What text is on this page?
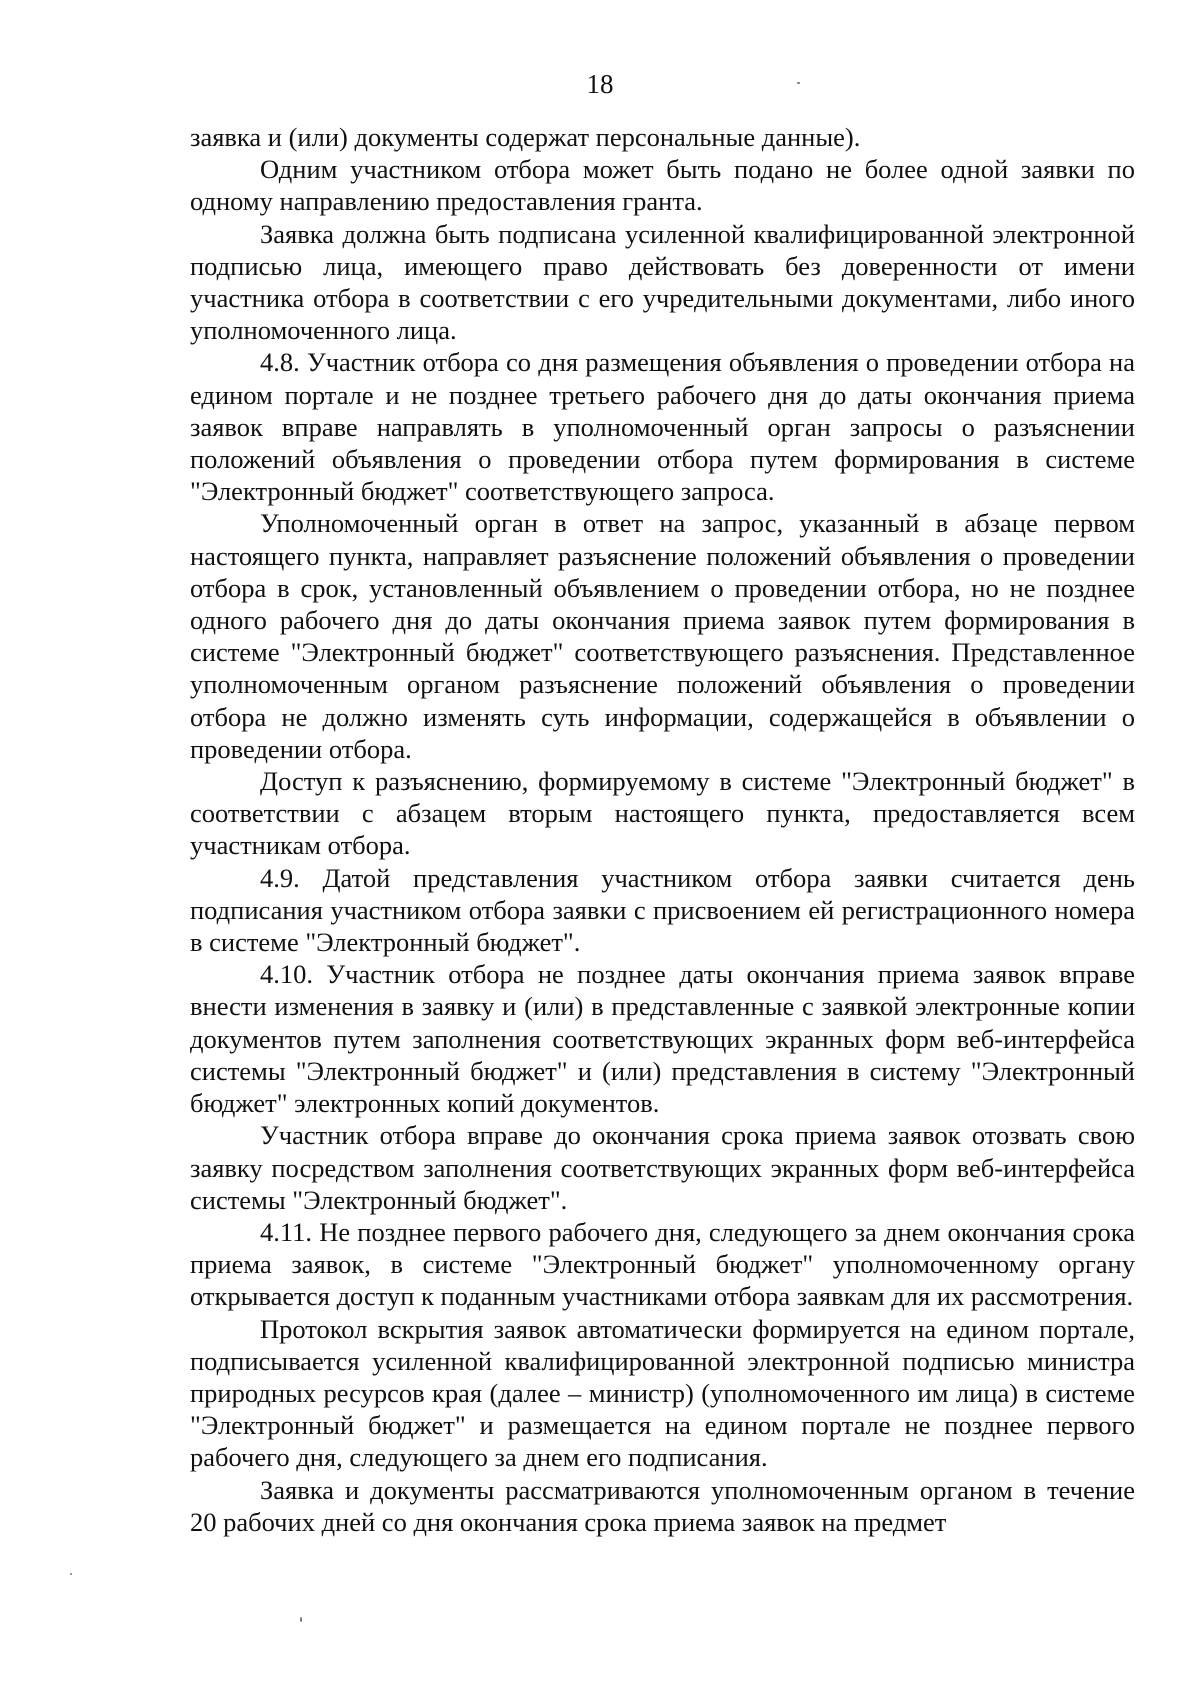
18

заявка и (или) документы содержат персональные данные).

Одним участником отбора может быть подано не более одной заявки по одному направлению предоставления гранта.

Заявка должна быть подписана усиленной квалифицированной электронной подписью лица, имеющего право действовать без доверенности от имени участника отбора в соответствии с его учредительными документами, либо иного уполномоченного лица.

4.8. Участник отбора со дня размещения объявления о проведении отбора на едином портале и не позднее третьего рабочего дня до даты окончания приема заявок вправе направлять в уполномоченный орган запросы о разъяснении положений объявления о проведении отбора путем формирования в системе "Электронный бюджет" соответствующего запроса.

Уполномоченный орган в ответ на запрос, указанный в абзаце первом настоящего пункта, направляет разъяснение положений объявления о проведении отбора в срок, установленный объявлением о проведении отбора, но не позднее одного рабочего дня до даты окончания приема заявок путем формирования в системе "Электронный бюджет" соответствующего разъяснения. Представленное уполномоченным органом разъяснение положений объявления о проведении отбора не должно изменять суть информации, содержащейся в объявлении о проведении отбора.

Доступ к разъяснению, формируемому в системе "Электронный бюджет" в соответствии с абзацем вторым настоящего пункта, предоставляется всем участникам отбора.

4.9. Датой представления участником отбора заявки считается день подписания участником отбора заявки с присвоением ей регистрационного номера в системе "Электронный бюджет".

4.10. Участник отбора не позднее даты окончания приема заявок вправе внести изменения в заявку и (или) в представленные с заявкой электронные копии документов путем заполнения соответствующих экранных форм веб-интерфейса системы "Электронный бюджет" и (или) представления в систему "Электронный бюджет" электронных копий документов.

Участник отбора вправе до окончания срока приема заявок отозвать свою заявку посредством заполнения соответствующих экранных форм веб-интерфейса системы "Электронный бюджет".

4.11. Не позднее первого рабочего дня, следующего за днем окончания срока приема заявок, в системе "Электронный бюджет" уполномоченному органу открывается доступ к поданным участниками отбора заявкам для их рассмотрения.

Протокол вскрытия заявок автоматически формируется на едином портале, подписывается усиленной квалифицированной электронной подписью министра природных ресурсов края (далее – министр) (уполномоченного им лица) в системе "Электронный бюджет" и размещается на едином портале не позднее первого рабочего дня, следующего за днем его подписания.

Заявка и документы рассматриваются уполномоченным органом в течение 20 рабочих дней со дня окончания срока приема заявок на предмет
